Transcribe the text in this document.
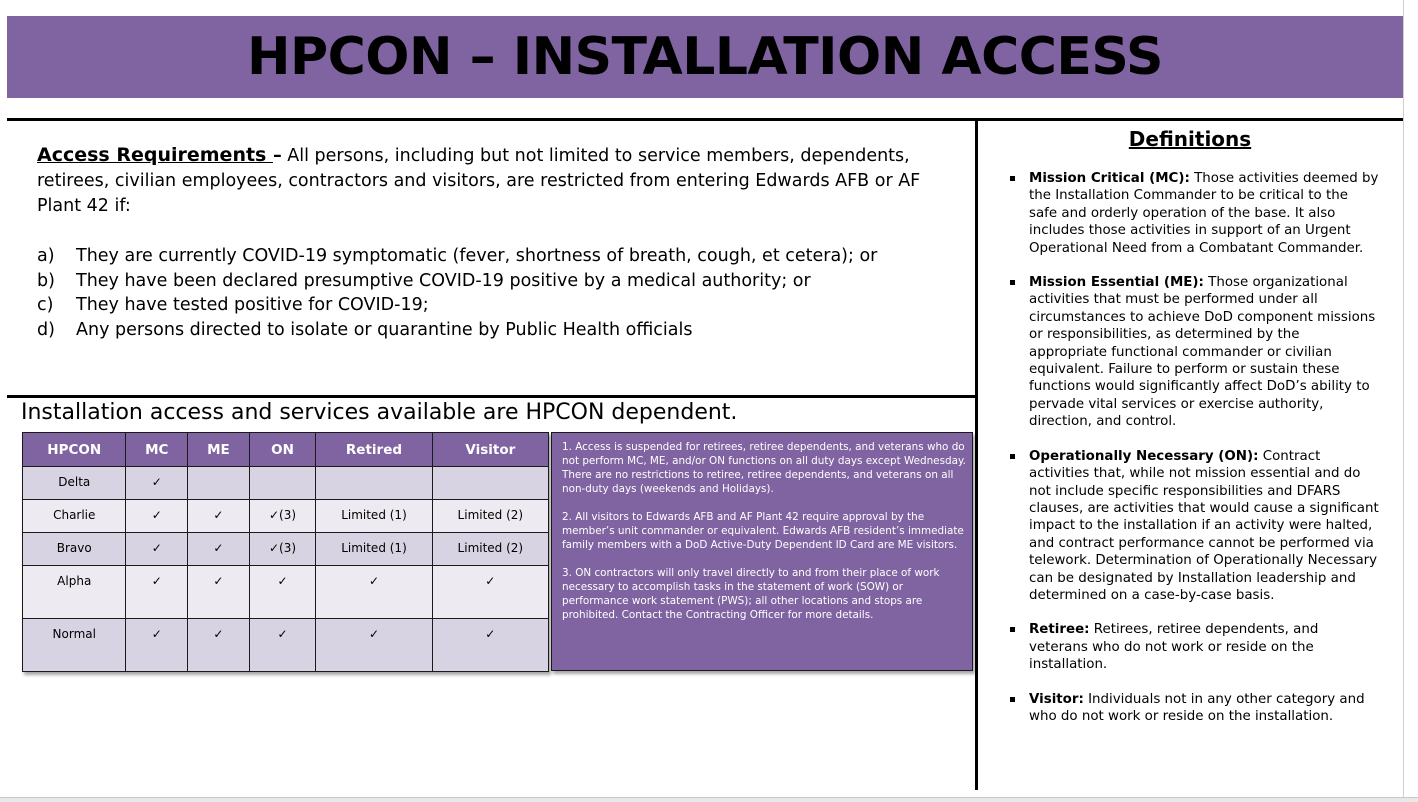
HPCON – INSTALLATION ACCESS
Access Requirements – All persons, including but not limited to service members, dependents, retirees, civilian employees, contractors and visitors, are restricted from entering Edwards AFB or AF Plant 42 if:
a)	They are currently COVID-19 symptomatic (fever, shortness of breath, cough, et cetera); or
b)	They have been declared presumptive COVID-19 positive by a medical authority; or
c)	They have tested positive for COVID-19;
d)	Any persons directed to isolate or quarantine by Public Health officials
Installation access and services available are HPCON dependent.
HPCON	MC	ME	ON	Retired	Visitor
Delta	✓				
Charlie	✓	✓	✓(3)	Limited (1)	Limited (2)
Bravo	✓	✓	✓(3)	Limited (1)	Limited (2)
Alpha	✓	✓	✓	✓	✓
Normal	✓	✓	✓	✓	✓

1. Access is suspended for retirees, retiree dependents, and veterans who do not perform MC, ME, and/or ON functions on all duty days except Wednesday. There are no restrictions to retiree, retiree dependents, and veterans on all non-duty days (weekends and Holidays).

2. All visitors to Edwards AFB and AF Plant 42 require approval by the member’s unit commander or equivalent. Edwards AFB resident’s immediate family members with a DoD Active-Duty Dependent ID Card are ME visitors.

3. ON contractors will only travel directly to and from their place of work necessary to accomplish tasks in the statement of work (SOW) or performance work statement (PWS); all other locations and stops are prohibited. Contact the Contracting Officer for more details.

Definitions
Mission Critical (MC): Those activities deemed by the Installation Commander to be critical to the safe and orderly operation of the base. It also includes those activities in support of an Urgent Operational Need from a Combatant Commander.
Mission Essential (ME): Those organizational activities that must be performed under all circumstances to achieve DoD component missions or responsibilities, as determined by the appropriate functional commander or civilian equivalent. Failure to perform or sustain these functions would significantly affect DoD’s ability to pervade vital services or exercise authority, direction, and control.
Operationally Necessary (ON): Contract activities that, while not mission essential and do not include specific responsibilities and DFARS clauses, are activities that would cause a significant impact to the installation if an activity were halted, and contract performance cannot be performed via telework. Determination of Operationally Necessary can be designated by Installation leadership and determined on a case-by-case basis.
Retiree: Retirees, retiree dependents, and veterans who do not work or reside on the installation.
Visitor: Individuals not in any other category and who do not work or reside on the installation.
